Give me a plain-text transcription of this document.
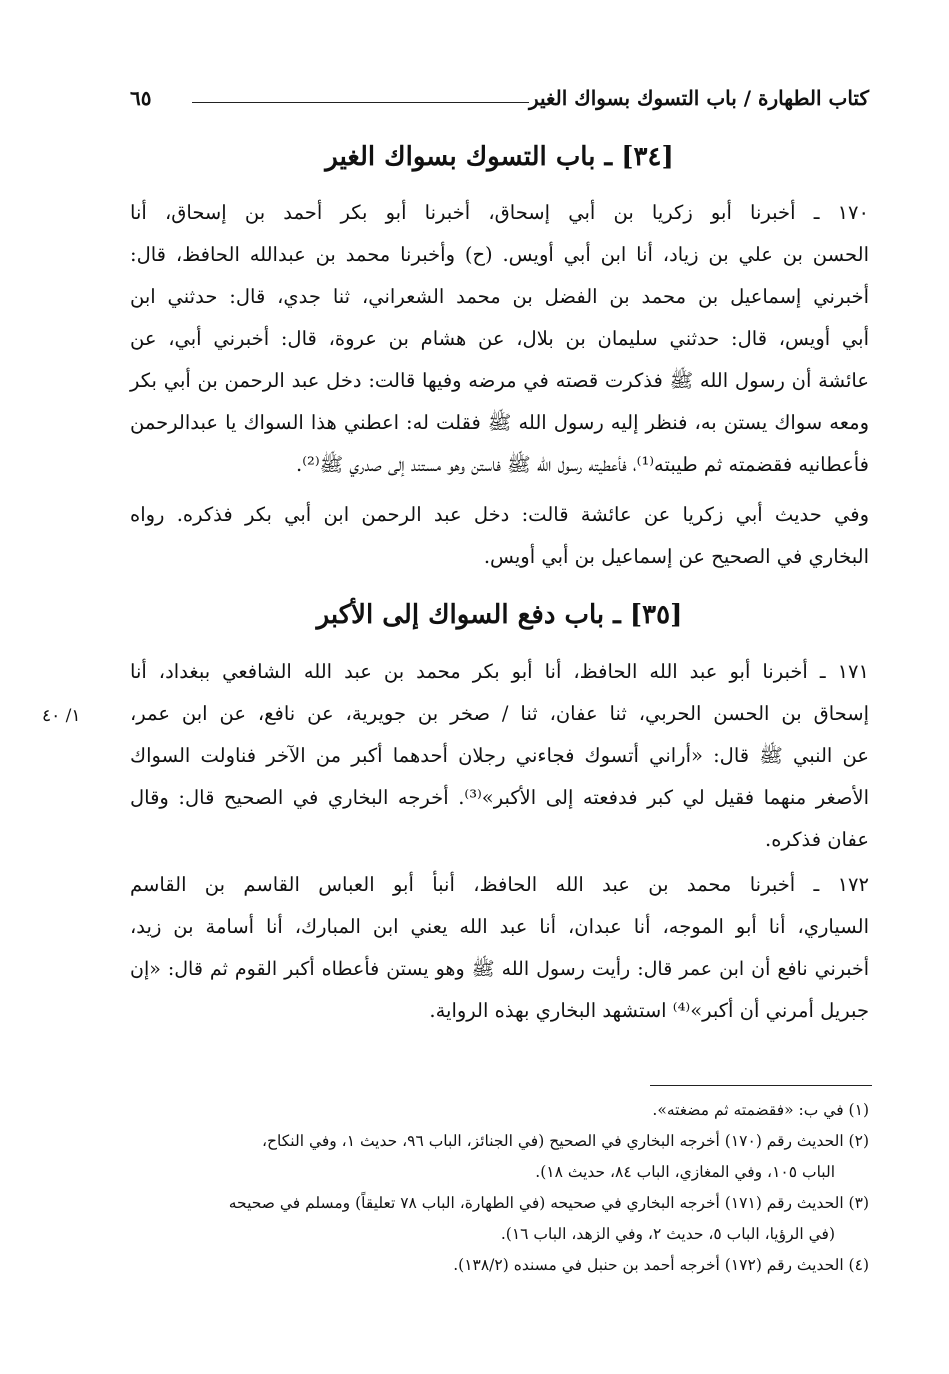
كتاب الطهارة / باب التسوك بسواك الغير
٦٥
[٣٤] ـ باب التسوك بسواك الغير
١٧٠ ـ أخبرنا أبو زكريا بن أبي إسحاق، أخبرنا أبو بكر أحمد بن إسحاق، أنا
الحسن بن علي بن زياد، أنا ابن أبي أويس. (ح) وأخبرنا محمد بن عبدالله الحافظ، قال:
أخبرني إسماعيل بن محمد بن الفضل بن محمد الشعراني، ثنا جدي، قال: حدثني ابن
أبي أويس، قال: حدثني سليمان بن بلال، عن هشام بن عروة، قال: أخبرني أبي، عن
عائشة أن رسول الله ﷺ فذكرت قصته في مرضه وفيها قالت: دخل عبد الرحمن بن أبي بكر
ومعه سواك يستن به، فنظر إليه رسول الله ﷺ فقلت له: اعطني هذا السواك يا عبدالرحمن
فأعطانيه فقضمته ثم طيبته⁽¹⁾، فأعطيته رسول الله ﷺ فاستن وهو مستند إلى صدري ﷺ⁽²⁾.
وفي حديث أبي زكريا عن عائشة قالت: دخل عبد الرحمن ابن أبي بكر فذكره. رواه
البخاري في الصحيح عن إسماعيل بن أبي أويس.
[٣٥] ـ باب دفع السواك إلى الأكبر
١٧١ ـ أخبرنا أبو عبد الله الحافظ، أنا أبو بكر محمد بن عبد الله الشافعي ببغداد، أنا
إسحاق بن الحسن الحربي، ثنا عفان، ثنا / صخر بن جويرية، عن نافع، عن ابن عمر،
عن النبي ﷺ قال: «أراني أتسوك فجاءني رجلان أحدهما أكبر من الآخر فناولت السواك
الأصغر منهما فقيل لي كبر فدفعته إلى الأكبر»⁽³⁾. أخرجه البخاري في الصحيح قال: وقال
عفان فذكره.
١/ ٤٠
١٧٢ ـ أخبرنا محمد بن عبد الله الحافظ، أنبأ أبو العباس القاسم بن القاسم
السياري، أنا أبو الموجه، أنا عبدان، أنا عبد الله يعني ابن المبارك، أنا أسامة بن زيد،
أخبرني نافع أن ابن عمر قال: رأيت رسول الله ﷺ وهو يستن فأعطاه أكبر القوم ثم قال: «إن
جبريل أمرني أن أكبر»⁽⁴⁾ استشهد البخاري بهذه الرواية.
(١) في ب: «فقضمته ثم مضغته».
(٢) الحديث رقم (١٧٠) أخرجه البخاري في الصحيح (في الجنائز، الباب ٩٦، حديث ١، وفي النكاح،
الباب ١٠٥، وفي المغازي، الباب ٨٤، حديث ١٨).
(٣) الحديث رقم (١٧١) أخرجه البخاري في صحيحه (في الطهارة، الباب ٧٨ تعليقاً) ومسلم في صحيحه
(في الرؤيا، الباب ٥، حديث ٢، وفي الزهد، الباب ١٦).
(٤) الحديث رقم (١٧٢) أخرجه أحمد بن حنبل في مسنده (١٣٨/٢).
